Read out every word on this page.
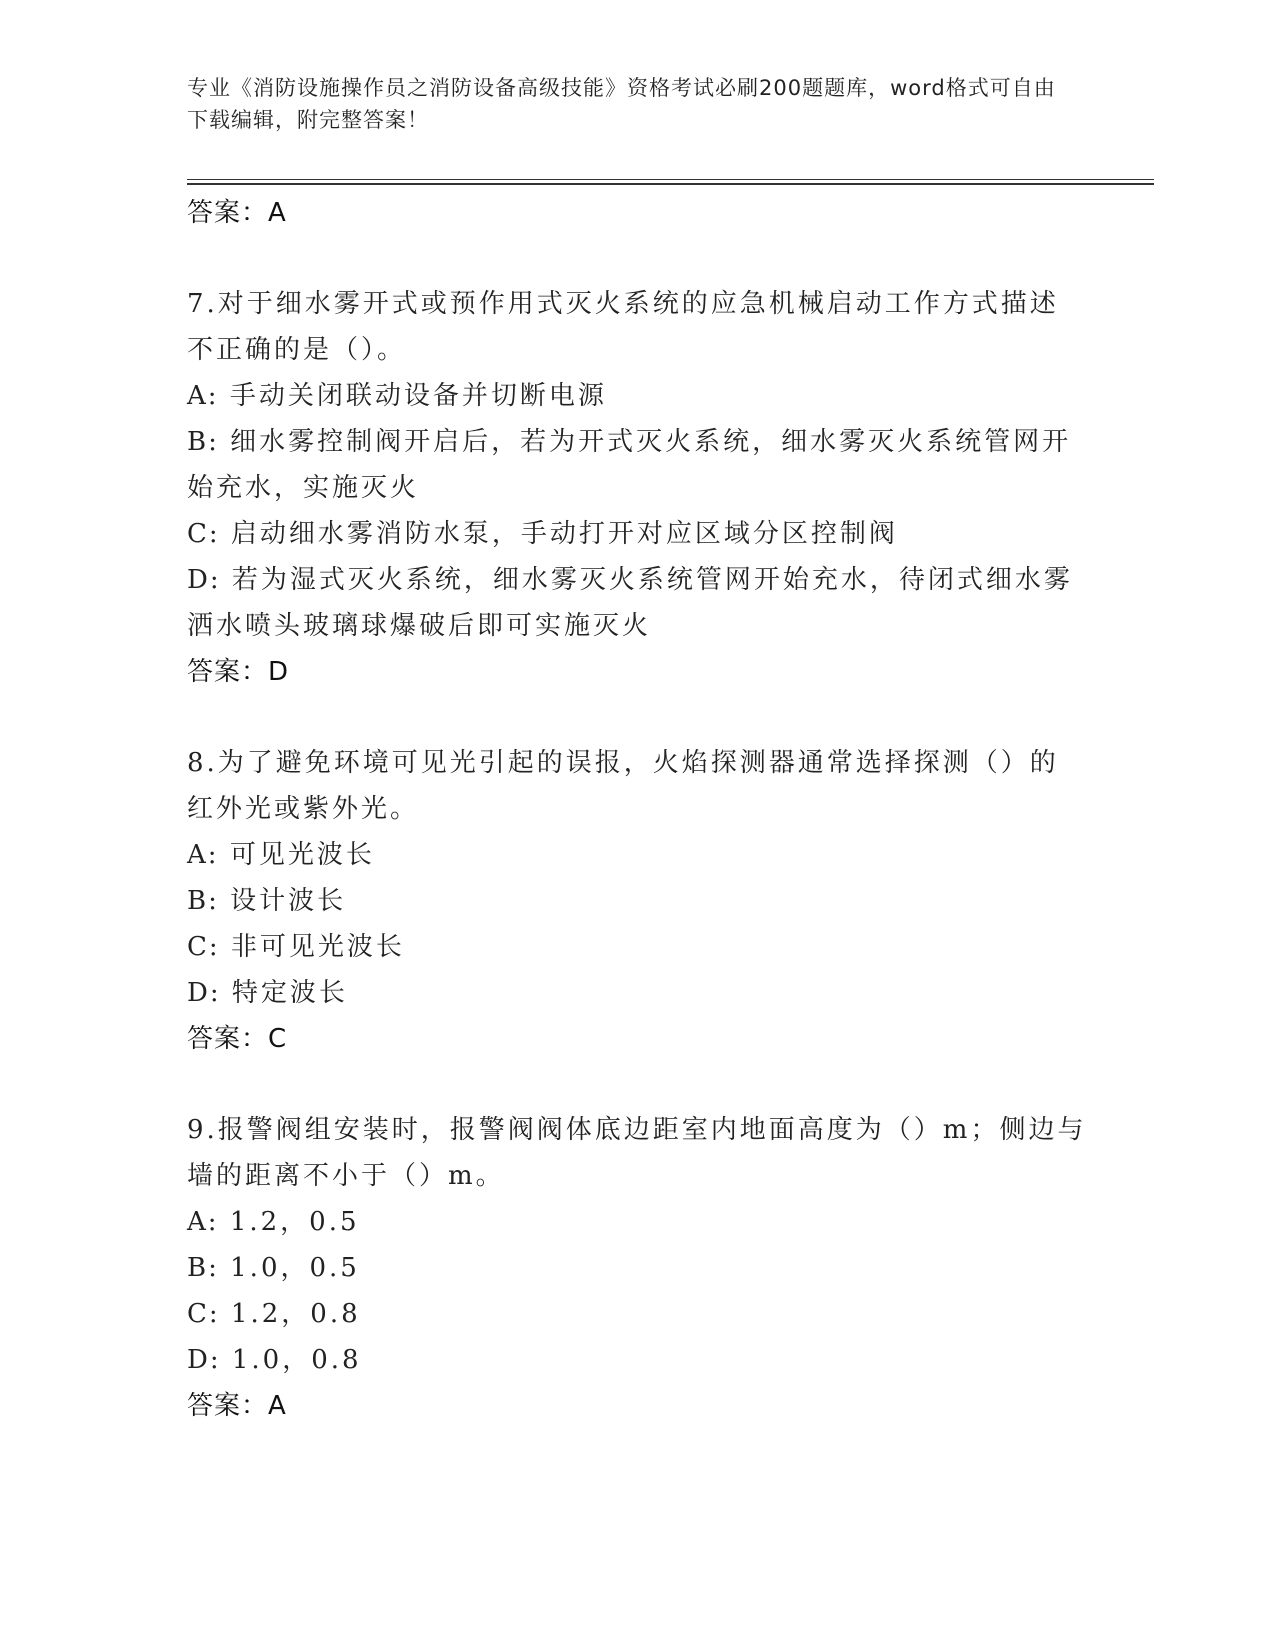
专业《消防设施操作员之消防设备高级技能》资格考试必刷200题题库，word格式可自由下载编辑，附完整答案！

答案：A

7.对于细水雾开式或预作用式灭火系统的应急机械启动工作方式描述不正确的是（）。

A: 手动关闭联动设备并切断电源

B: 细水雾控制阀开启后，若为开式灭火系统，细水雾灭火系统管网开始充水，实施灭火

C: 启动细水雾消防水泵，手动打开对应区域分区控制阀

D: 若为湿式灭火系统，细水雾灭火系统管网开始充水，待闭式细水雾洒水喷头玻璃球爆破后即可实施灭火

答案：D

8.为了避免环境可见光引起的误报，火焰探测器通常选择探测（）的红外光或紫外光。

A: 可见光波长

B: 设计波长

C: 非可见光波长

D: 特定波长

答案：C

9.报警阀组安装时，报警阀阀体底边距室内地面高度为（）m；侧边与墙的距离不小于（）m。

A: 1.2，0.5

B: 1.0，0.5

C: 1.2，0.8

D: 1.0，0.8

答案：A
